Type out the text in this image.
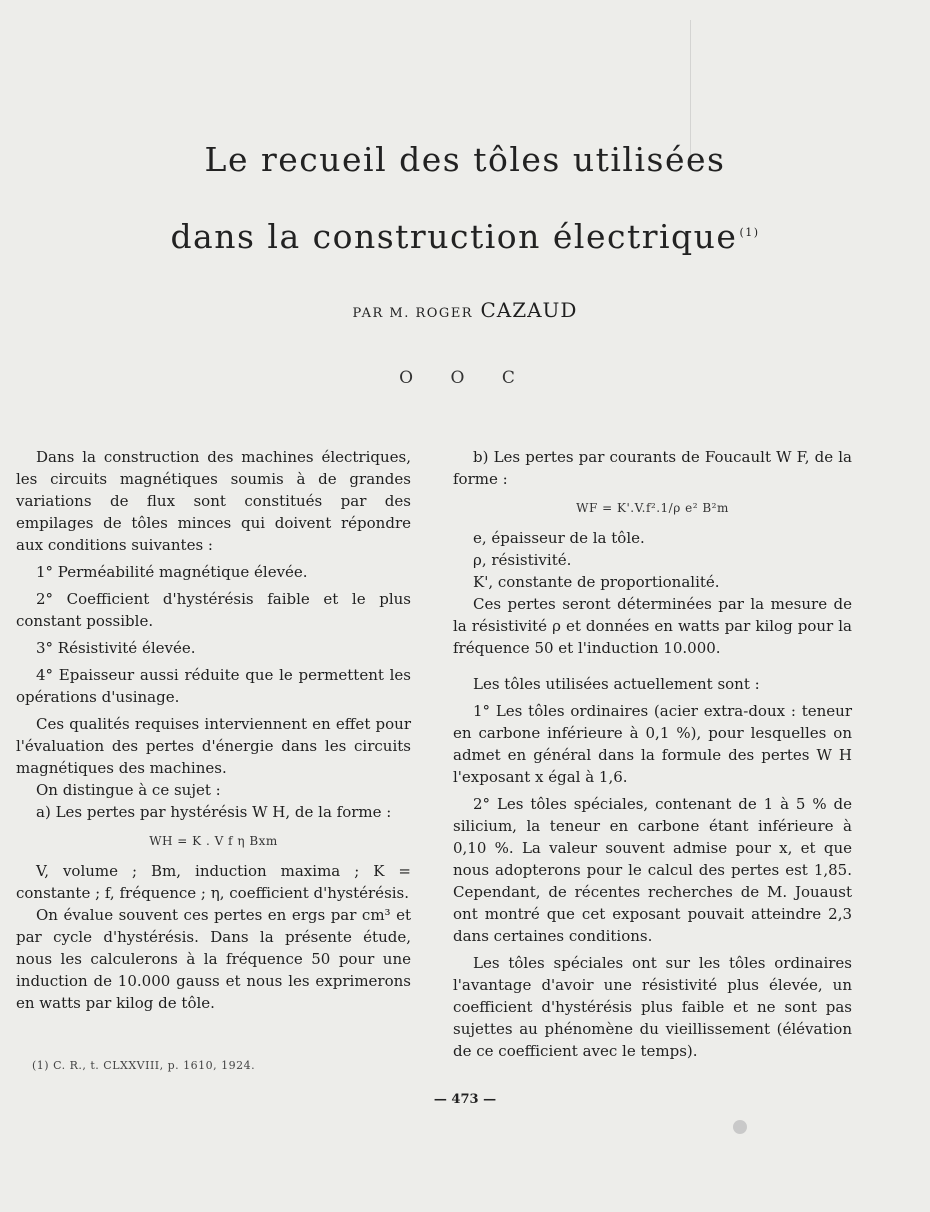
Le recueil des tôles utilisées
dans la construction électrique $^{(1)}$
PAR M. ROGER CAZAUD
O O C

Dans la construction des machines électriques, les circuits magnétiques soumis à de grandes variations de flux sont constitués par des empilages de tôles minces qui doivent répondre aux conditions suivantes :

1° Perméabilité magnétique élevée.

2° Coefficient d'hystérésis faible et le plus constant possible.

3° Résistivité élevée.

4° Epaisseur aussi réduite que le permettent les opérations d'usinage.

Ces qualités requises interviennent en effet pour l'évaluation des pertes d'énergie dans les circuits magnétiques des machines.

On distingue à ce sujet :

a) Les pertes par hystérésis W H, de la forme :

WH = K . V f η Bxm

V, volume ; Bm, induction maxima ; K = constante ; f, fréquence ; η, coefficient d'hystérésis.

On évalue souvent ces pertes en ergs par cm³ et par cycle d'hystérésis. Dans la présente étude, nous les calculerons à la fréquence 50 pour une induction de 10.000 gauss et nous les exprimerons en watts par kilog de tôle.

b) Les pertes par courants de Foucault W F, de la forme :

WF = K'.V.f².1/ρ e² B²m

e, épaisseur de la tôle.

ρ, résistivité.

K', constante de proportionalité.

Ces pertes seront déterminées par la mesure de la résistivité ρ et données en watts par kilog pour la fréquence 50 et l'induction 10.000.

Les tôles utilisées actuellement sont :

1° Les tôles ordinaires (acier extra-doux : teneur en carbone inférieure à 0,1 %), pour lesquelles on admet en général dans la formule des pertes W H l'exposant x égal à 1,6.

2° Les tôles spéciales, contenant de 1 à 5 % de silicium, la teneur en carbone étant inférieure à 0,10 %. La valeur souvent admise pour x, et que nous adopterons pour le calcul des pertes est 1,85. Cependant, de récentes recherches de M. Jouaust ont montré que cet exposant pouvait atteindre 2,3 dans certaines conditions.

Les tôles spéciales ont sur les tôles ordinaires l'avantage d'avoir une résistivité plus élevée, un coefficient d'hystérésis plus faible et ne sont pas sujettes au phénomène du vieillissement (élévation de ce coefficient avec le temps).

(1) C. R., t. CLXXVIII, p. 1610, 1924.
— 473 —
